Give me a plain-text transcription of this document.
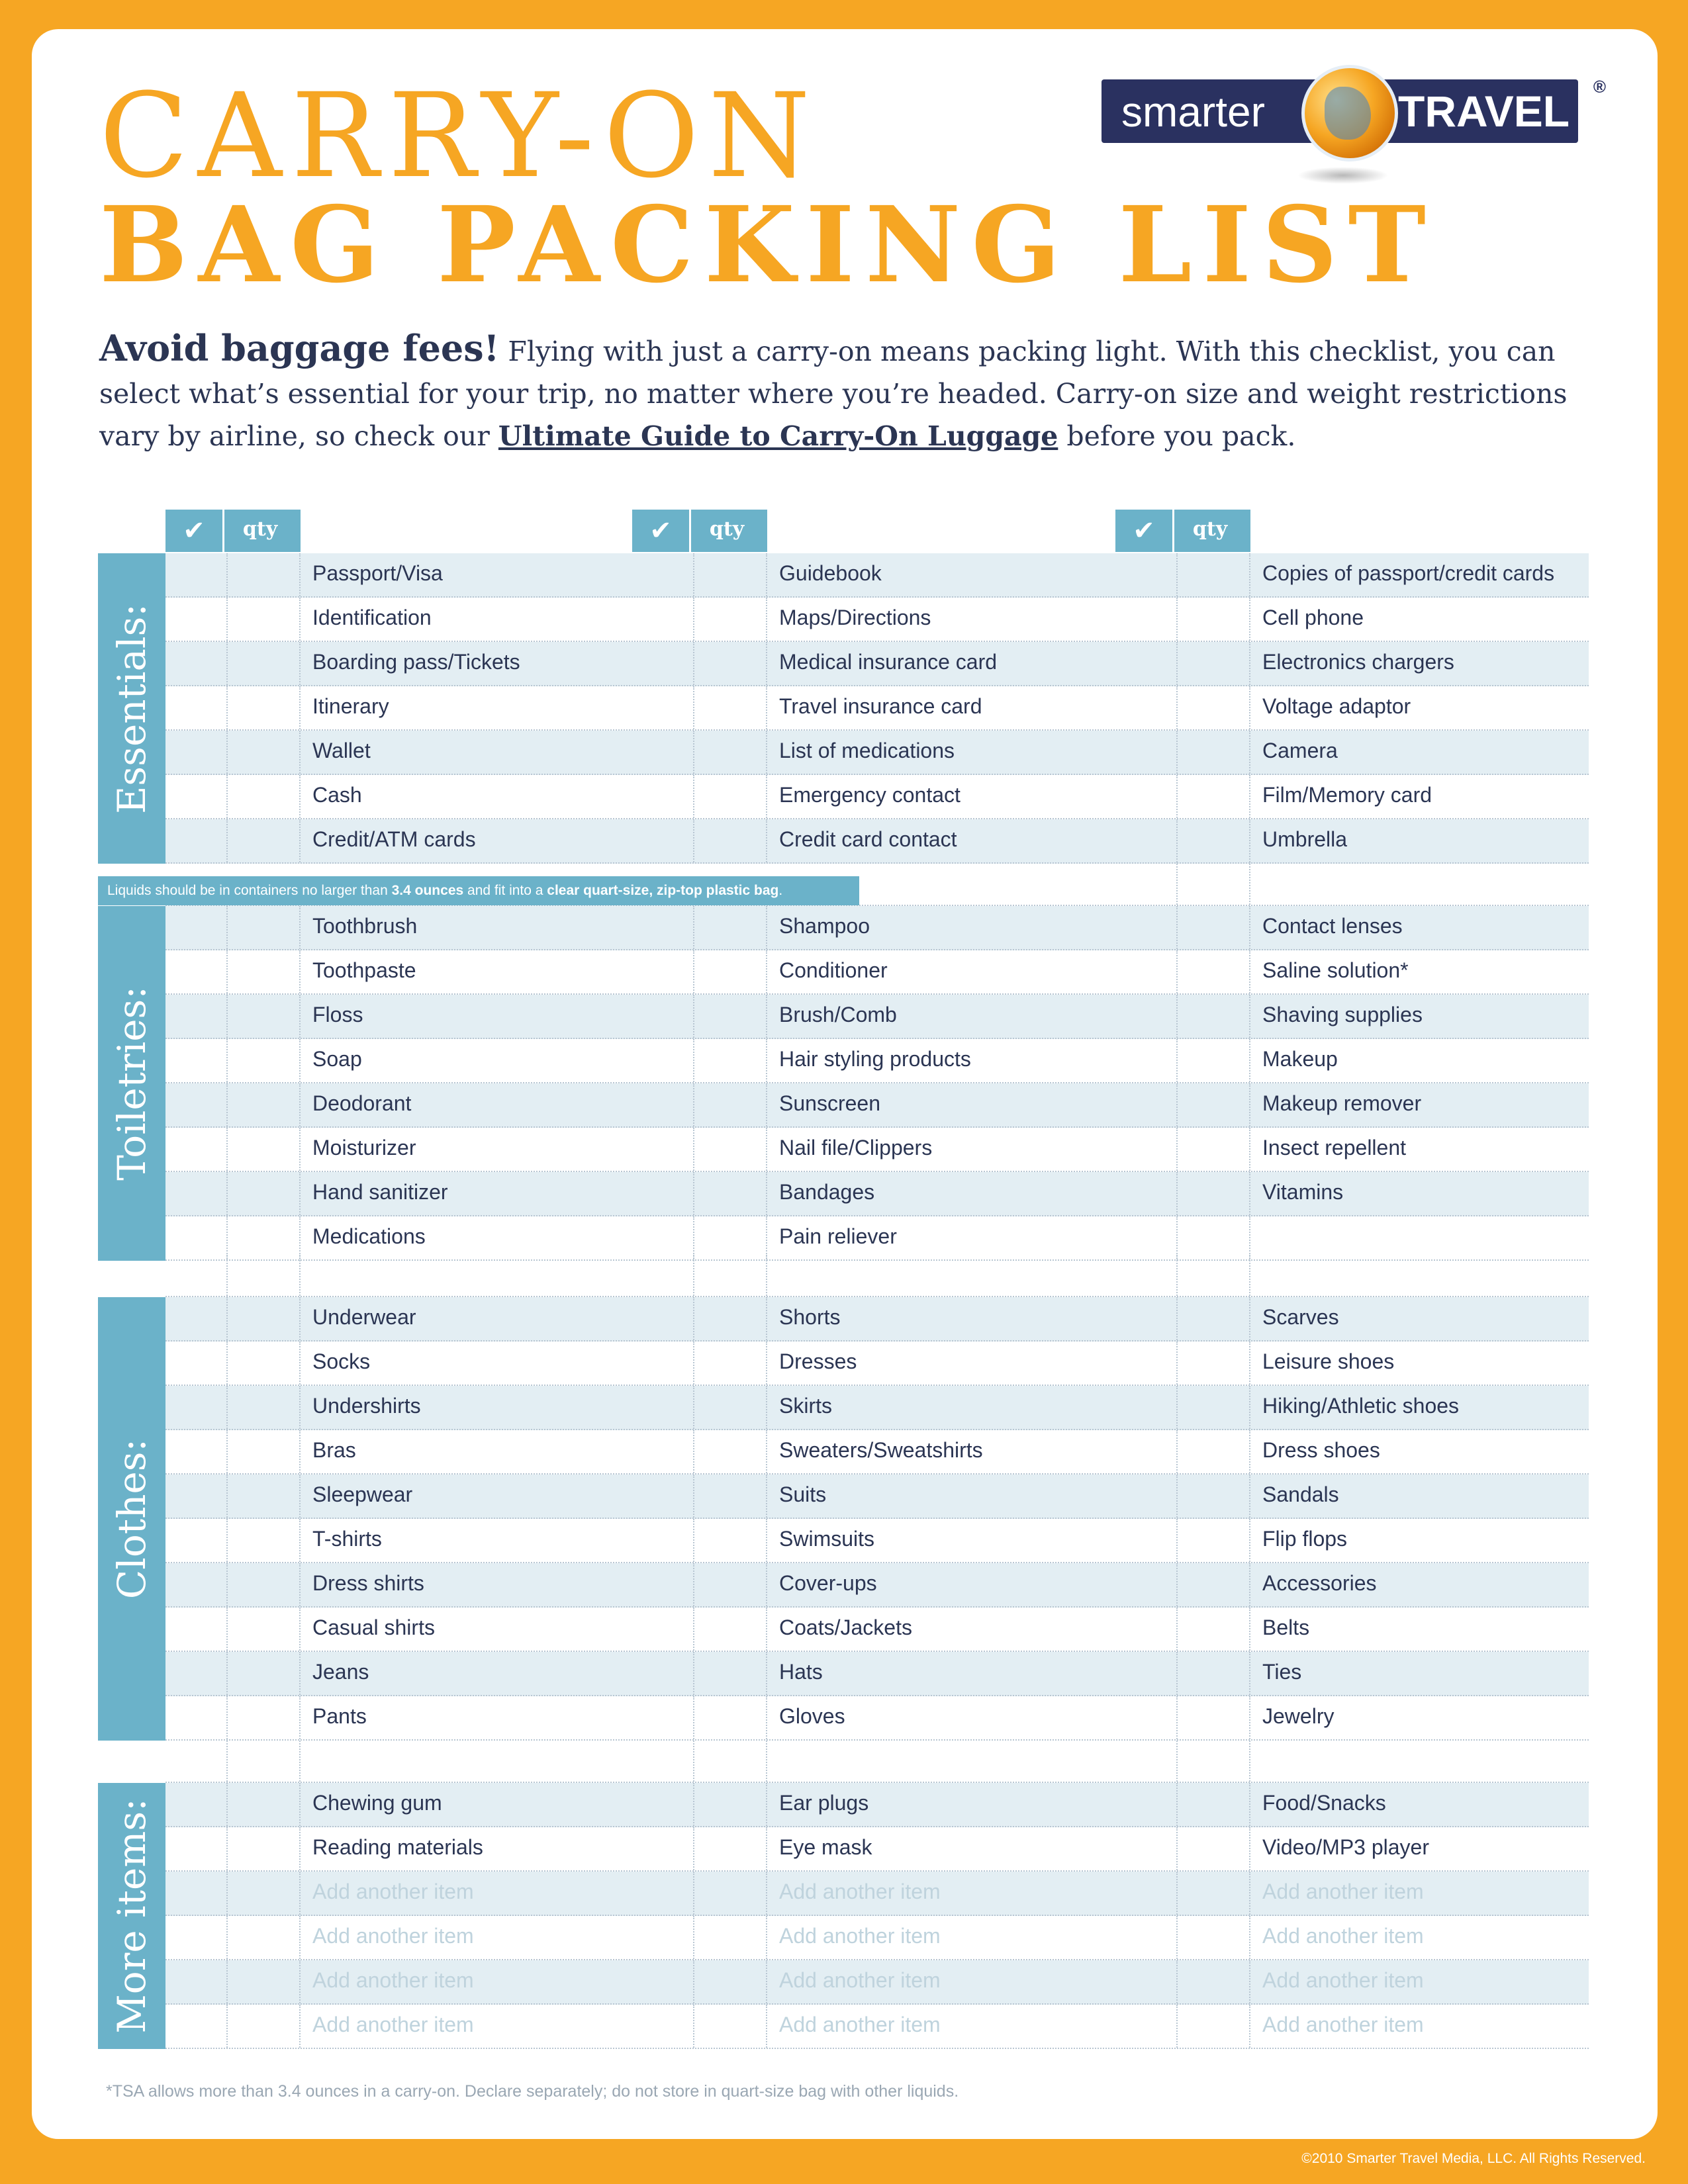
CARRY-ON
BAG PACKING LIST
smarter	TRAVEL ®
Avoid baggage fees! Flying with just a carry-on means packing light. With this checklist, you can select what’s essential for your trip, no matter where you’re headed. Carry-on size and weight restrictions vary by airline, so check our Ultimate Guide to Carry-On Luggage before you pack.
✔	qty	✔	qty	✔	qty
Essentials:
Passport/Visa	Guidebook	Copies of passport/credit cards
Identification	Maps/Directions	Cell phone
Boarding pass/Tickets	Medical insurance card	Electronics chargers
Itinerary	Travel insurance card	Voltage adaptor
Wallet	List of medications	Camera
Cash	Emergency contact	Film/Memory card
Credit/ATM cards	Credit card contact	Umbrella
Toiletries:
Toothbrush	Shampoo	Contact lenses
Toothpaste	Conditioner	Saline solution*
Floss	Brush/Comb	Shaving supplies
Soap	Hair styling products	Makeup
Deodorant	Sunscreen	Makeup remover
Moisturizer	Nail file/Clippers	Insect repellent
Hand sanitizer	Bandages	Vitamins
Medications	Pain reliever
Clothes:
Underwear	Shorts	Scarves
Socks	Dresses	Leisure shoes
Undershirts	Skirts	Hiking/Athletic shoes
Bras	Sweaters/Sweatshirts	Dress shoes
Sleepwear	Suits	Sandals
T-shirts	Swimsuits	Flip flops
Dress shirts	Cover-ups	Accessories
Casual shirts	Coats/Jackets	Belts
Jeans	Hats	Ties
Pants	Gloves	Jewelry
More items:	Chewing gum	Ear plugs	Food/Snacks
Reading materials	Eye mask	Video/MP3 player
Add another item	Add another item	Add another item
Add another item	Add another item	Add another item
Add another item	Add another item	Add another item
Add another item	Add another item	Add another item
Liquids should be in containers no larger than 3.4 ounces and fit into a clear quart-size, zip-top plastic bag.
*TSA allows more than 3.4 ounces in a carry-on. Declare separately; do not store in quart-size bag with other liquids.
©2010 Smarter Travel Media, LLC. All Rights Reserved.
